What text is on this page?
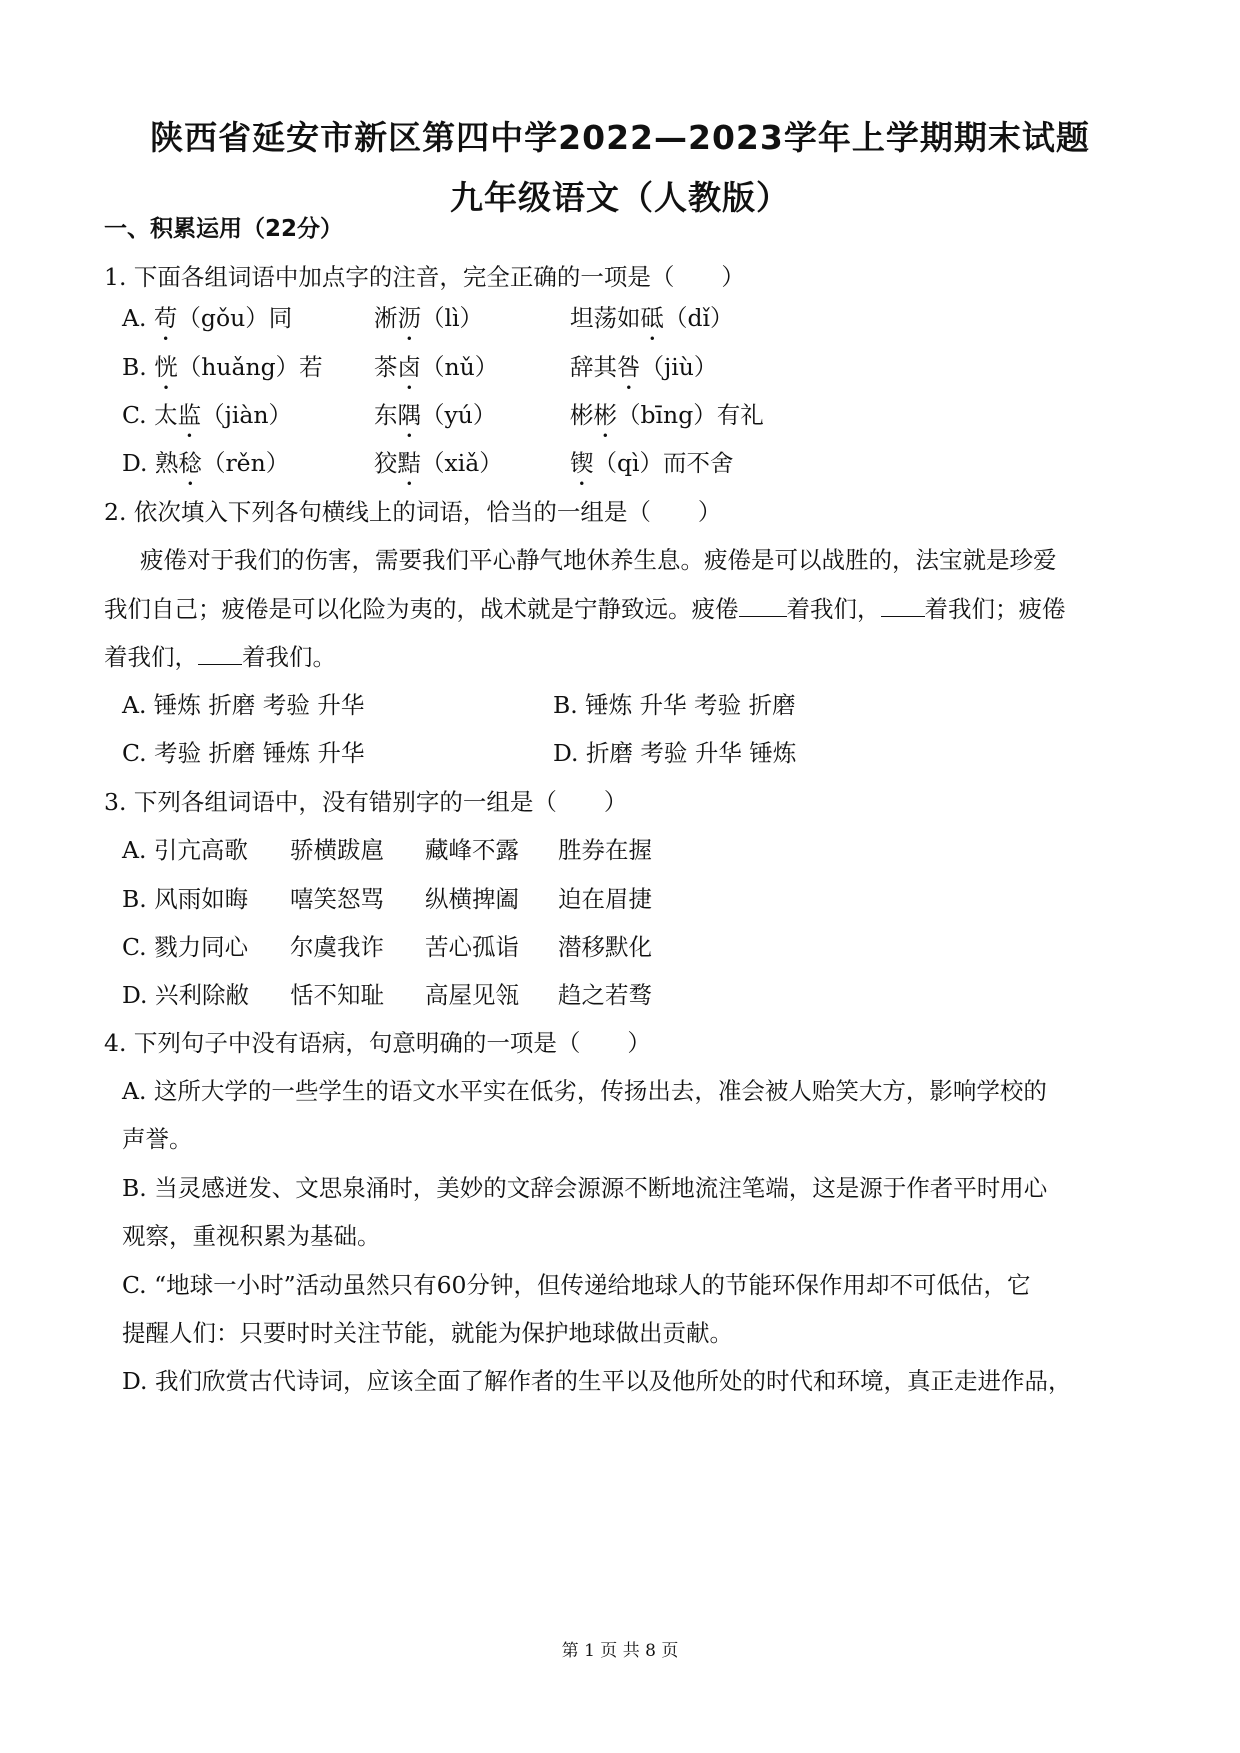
陕西省延安市新区第四中学2022—2023学年上学期期末试题
九年级语文（人教版）
一、积累运用（22分）
1. 下面各组词语中加点字的注音，完全正确的一项是（　　）
A. 苟（gǒu）同	淅沥（lì）	坦荡如砥（dǐ）
B. 恍（huǎng）若 茶卤（nǔ）	辞其咎（jiù）
C. 太监（jiàn）	东隅（yú）	彬彬（bīng）有礼
D. 熟稔（rěn）	狡黠（xiǎ）	锲（qì）而不舍
2. 依次填入下列各句横线上的词语，恰当的一组是（　　）
疲倦对于我们的伤害，需要我们平心静气地休养生息。疲倦是可以战胜的，法宝就是珍爱
我们自己；疲倦是可以化险为夷的，战术就是宁静致远。疲倦 着我们， 着我们；疲倦
着我们， 着我们。
A. 锤炼 折磨 考验 升华	B. 锤炼 升华 考验 折磨
C. 考验 折磨 锤炼 升华	D. 折磨 考验 升华 锤炼
3. 下列各组词语中，没有错别字的一组是（　　）
A. 引亢高歌 骄横跋扈 藏峰不露 胜券在握
B. 风雨如晦 嘻笑怒骂 纵横捭阖 迫在眉捷
C. 戮力同心 尔虞我诈 苦心孤诣 潜移默化
D. 兴利除敝 恬不知耻 高屋见瓴 趋之若骛
4. 下列句子中没有语病，句意明确的一项是（　　）
A. 这所大学的一些学生的语文水平实在低劣，传扬出去，准会被人贻笑大方，影响学校的
声誉。
B. 当灵感迸发、文思泉涌时，美妙的文辞会源源不断地流注笔端，这是源于作者平时用心
观察，重视积累为基础。
C. “地球一小时”活动虽然只有60分钟，但传递给地球人的节能环保作用却不可低估，它
提醒人们：只要时时关注节能，就能为保护地球做出贡献。
D. 我们欣赏古代诗词，应该全面了解作者的生平以及他所处的时代和环境，真正走进作品，
第 1 页 共 8 页
